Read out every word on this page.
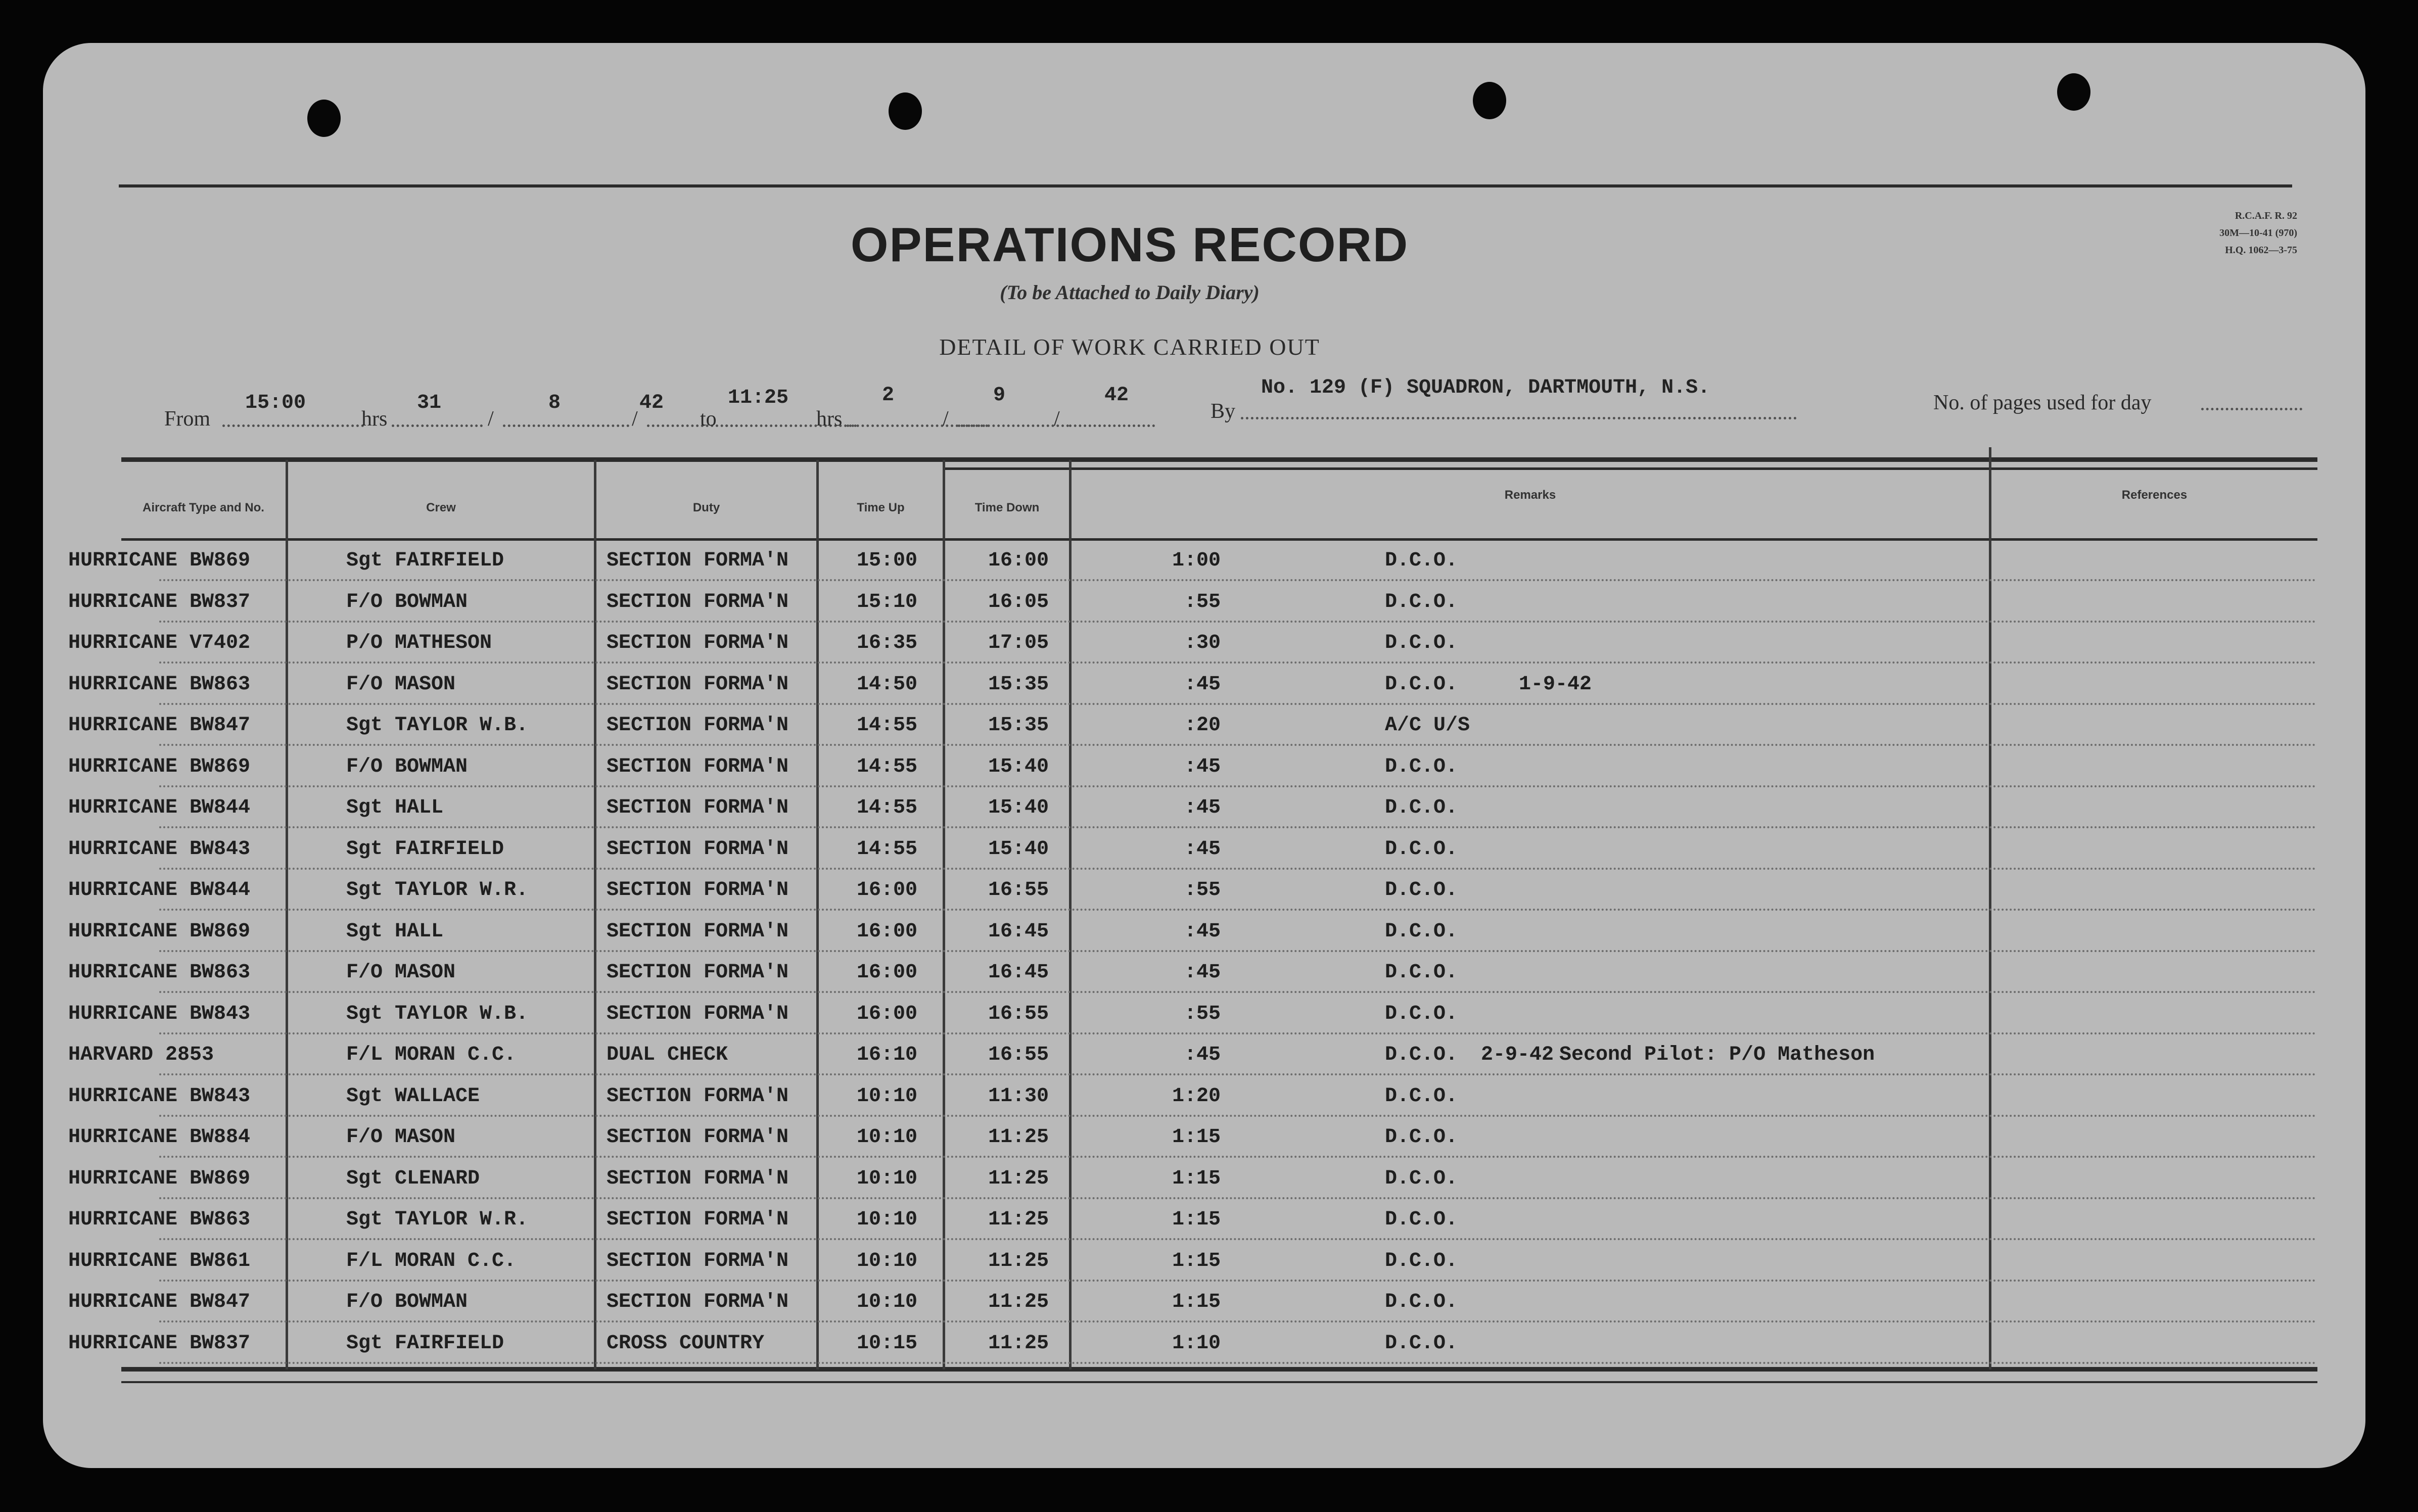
OPERATIONS RECORD
(To be Attached to Daily Diary)
DETAIL OF WORK CARRIED OUT
R.C.A.F. R. 92
30M—10-41 (970)
H.Q. 1062—3-75
From
15:00
hrs
31
/
8
/
42
to
11:25
hrs
2
/
9
/
42
By
No. 129 (F) SQUADRON, DARTMOUTH, N.S.
No. of pages used for day
Aircraft Type and No.	Crew	Duty	Time Up	Time Down
Remarks	References
HURRICANE BW869	Sgt FAIRFIELD	SECTION FORMA'N	15:00	16:00	1:00	D.C.O.
HURRICANE BW837	F/O BOWMAN	SECTION FORMA'N	15:10	16:05	:55	D.C.O.
HURRICANE V7402	P/O MATHESON	SECTION FORMA'N	16:35	17:05	:30	D.C.O.
HURRICANE BW863	F/O MASON	SECTION FORMA'N	14:50	15:35	:45	D.C.O.	1-9-42
HURRICANE BW847	Sgt TAYLOR W.B.	SECTION FORMA'N	14:55	15:35	:20	A/C U/S
HURRICANE BW869	F/O BOWMAN	SECTION FORMA'N	14:55	15:40	:45	D.C.O.
HURRICANE BW844	Sgt HALL	SECTION FORMA'N	14:55	15:40	:45	D.C.O.
HURRICANE BW843	Sgt FAIRFIELD	SECTION FORMA'N	14:55	15:40	:45	D.C.O.
HURRICANE BW844	Sgt TAYLOR W.R.	SECTION FORMA'N	16:00	16:55	:55	D.C.O.
HURRICANE BW869	Sgt HALL	SECTION FORMA'N	16:00	16:45	:45	D.C.O.
HURRICANE BW863	F/O MASON	SECTION FORMA'N	16:00	16:45	:45	D.C.O.
HURRICANE BW843	Sgt TAYLOR W.B.	SECTION FORMA'N	16:00	16:55	:55	D.C.O.
HARVARD 2853	F/L MORAN C.C.	DUAL CHECK	16:10	16:55	:45	D.C.O. 2-9-42 Second Pilot: P/O Matheson
HURRICANE BW843	Sgt WALLACE	SECTION FORMA'N	10:10	11:30	1:20	D.C.O.
HURRICANE BW884	F/O MASON	SECTION FORMA'N	10:10	11:25	1:15	D.C.O.
HURRICANE BW869	Sgt CLENARD	SECTION FORMA'N	10:10	11:25	1:15	D.C.O.
HURRICANE BW863	Sgt TAYLOR W.R.	SECTION FORMA'N	10:10	11:25	1:15	D.C.O.
HURRICANE BW861	F/L MORAN C.C.	SECTION FORMA'N	10:10	11:25	1:15	D.C.O.
HURRICANE BW847	F/O BOWMAN	SECTION FORMA'N	10:10	11:25	1:15	D.C.O.
HURRICANE BW837	Sgt FAIRFIELD	CROSS COUNTRY	10:15	11:25	1:10	D.C.O.
